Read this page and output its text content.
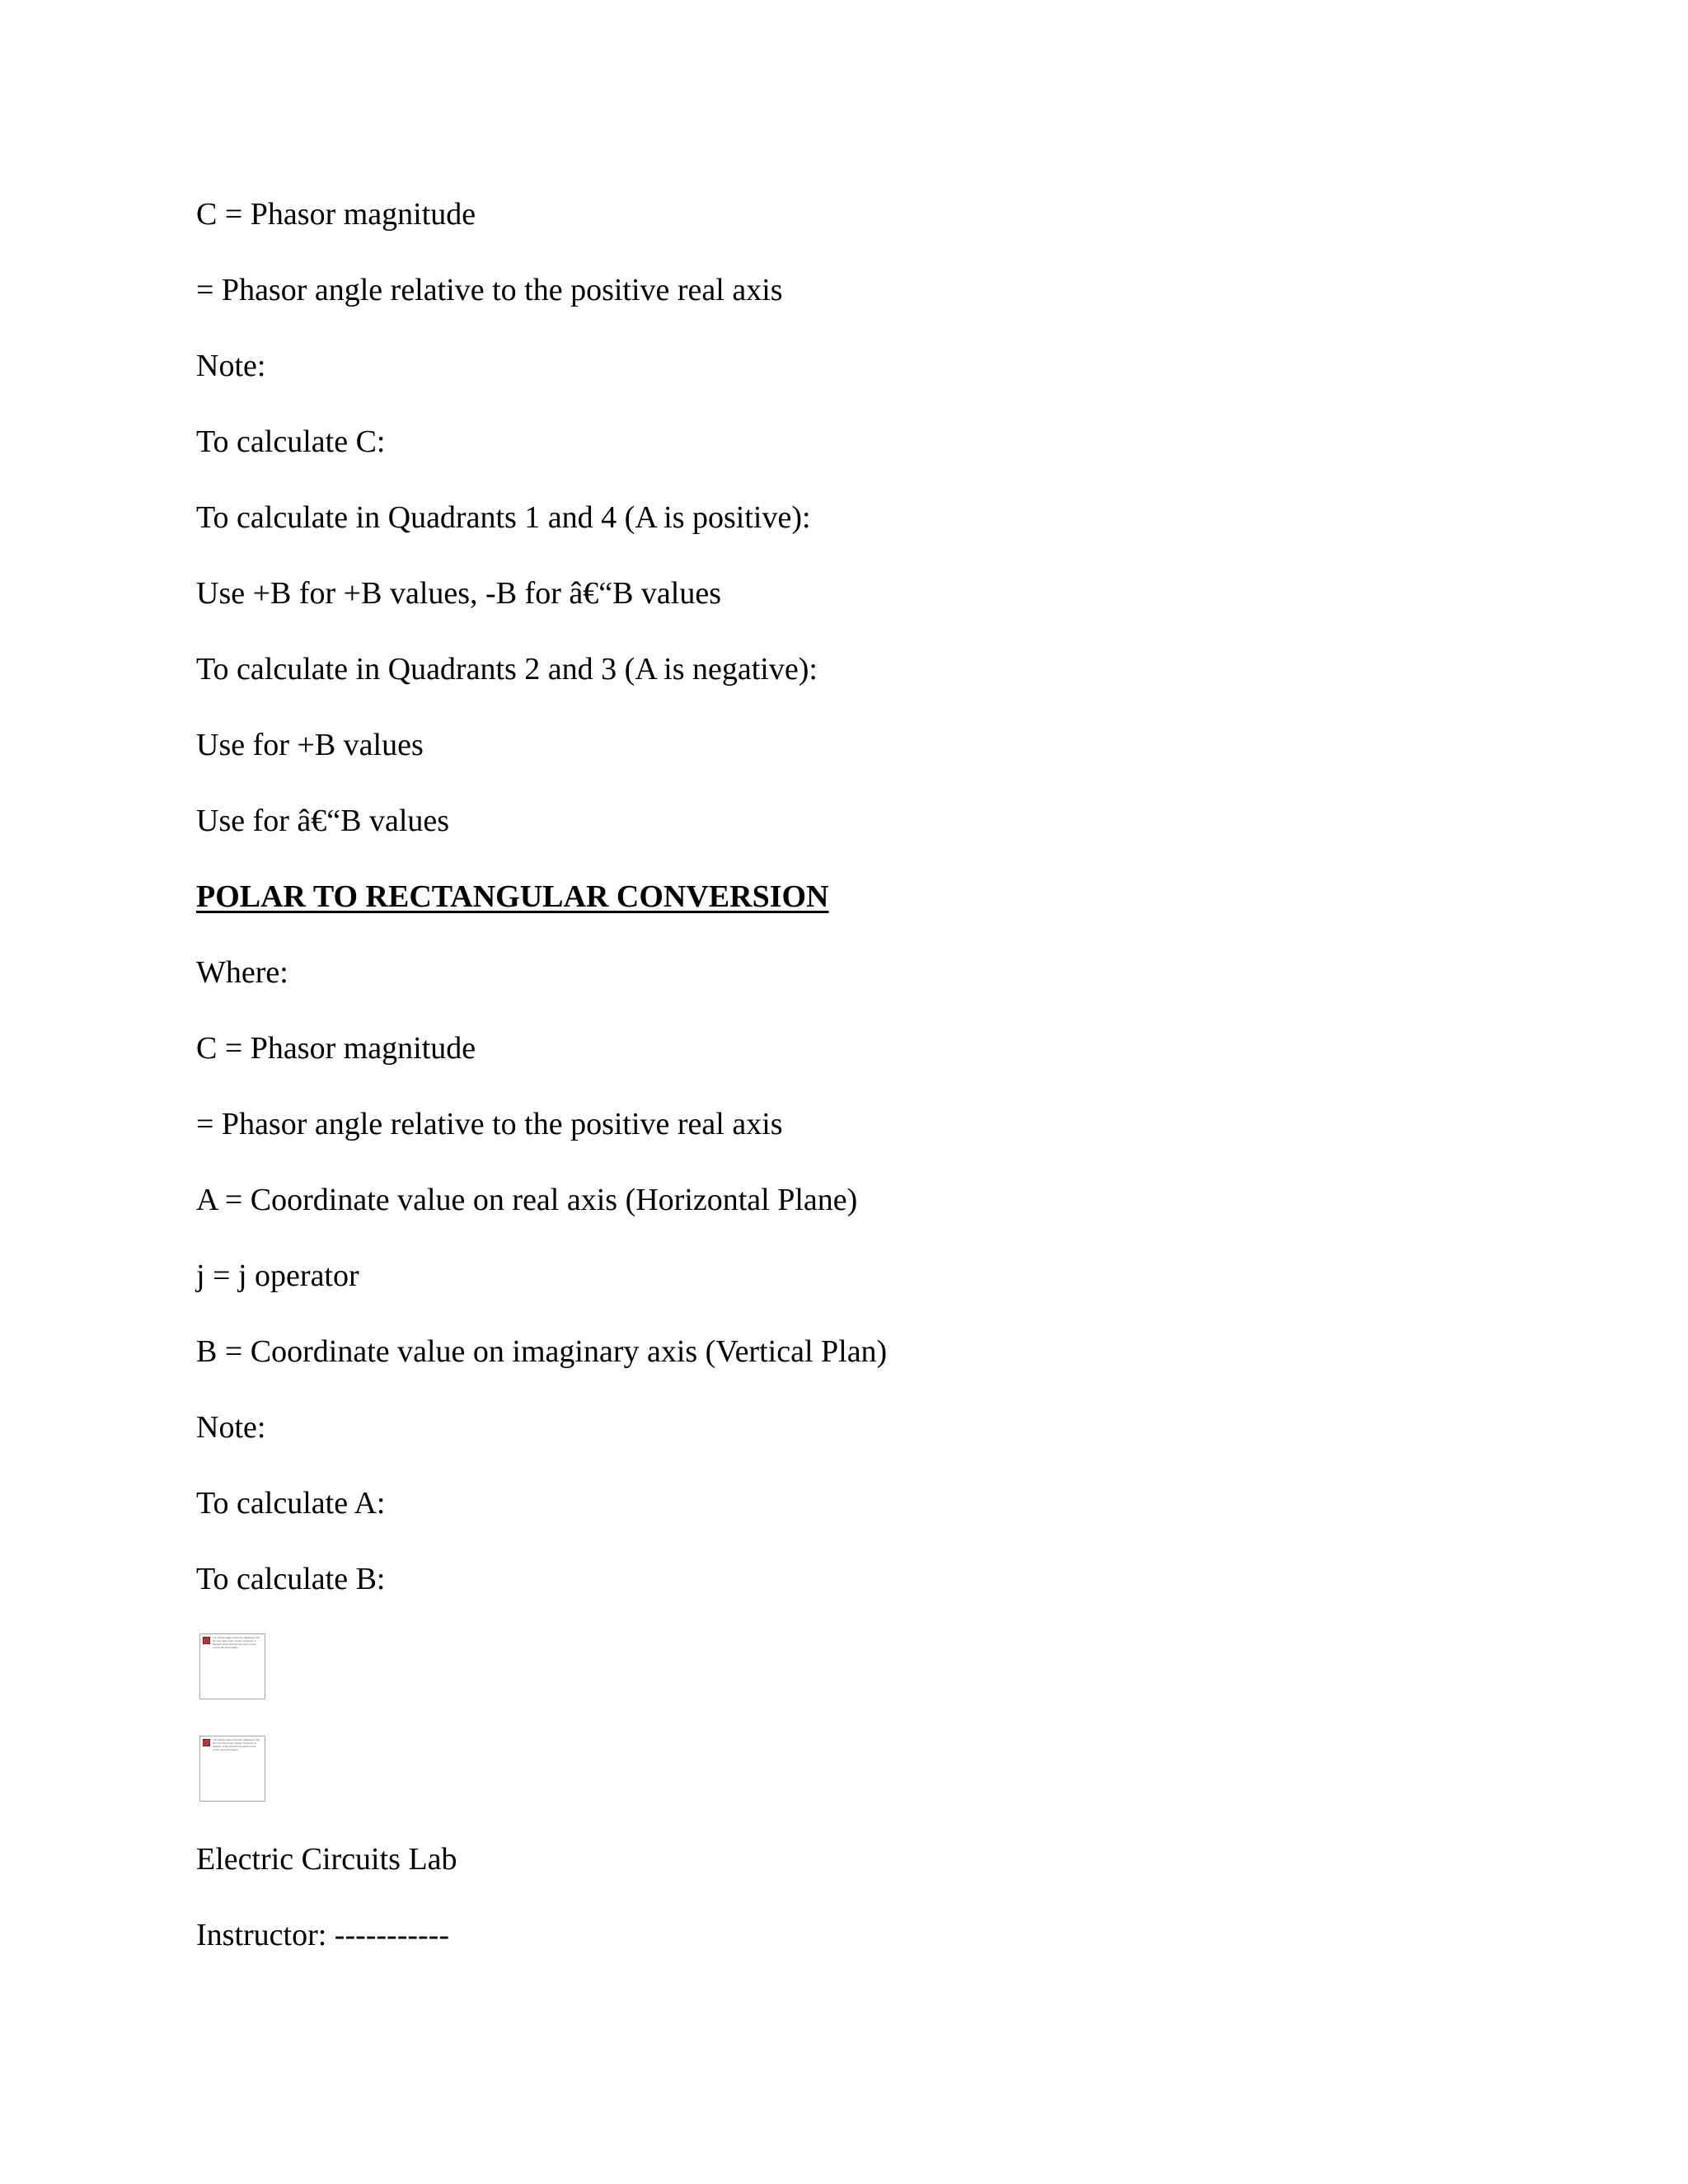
C = Phasor magnitude
= Phasor angle relative to the positive real axis
Note:
To calculate C:
To calculate in Quadrants 1 and 4 (A is positive):
Use +B for +B values, -B for â€“B values
To calculate in Quadrants 2 and 3 (A is negative):
Use for +B values
Use for â€“B values
POLAR TO RECTANGULAR CONVERSION
Where:
C = Phasor magnitude
= Phasor angle relative to the positive real axis
A = Coordinate value on real axis (Horizontal Plane)
j = j operator
B = Coordinate value on imaginary axis (Vertical Plan)
Note:
To calculate A:
To calculate B:
The linked image cannot be displayed. The file may have been moved, renamed, or deleted. Verify that the link points to the correct file and location.
The linked image cannot be displayed. The file may have been moved, renamed, or deleted. Verify that the link points to the correct file and location.
Electric Circuits Lab
Instructor: -----------
